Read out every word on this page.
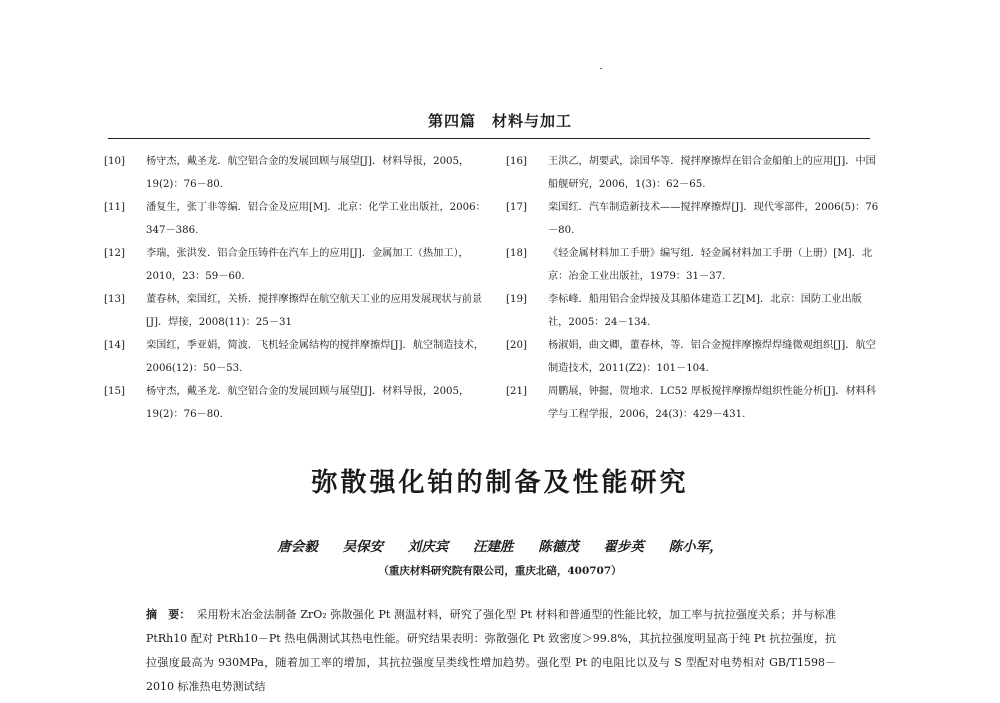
第四篇　材料与加工
[10]	杨守杰，戴圣龙．航空铝合金的发展回顾与展望[J]．材料导报，2005，19(2)：76－80.
[11]	潘复生，张丁非等编．铝合金及应用[M]．北京：化学工业出版社，2006：347－386.
[12]	李瑞，张洪发．铝合金压铸件在汽车上的应用[J]．金属加工（热加工），2010，23：59－60.
[13]	董春林，栾国红，关桥．搅拌摩擦焊在航空航天工业的应用发展现状与前景[J]．焊接，2008(11)：25－31
[14]	栾国红，季亚娟，简波．飞机轻金属结构的搅拌摩擦焊[J]．航空制造技术，2006(12)：50－53.
[15]	杨守杰，戴圣龙．航空铝合金的发展回顾与展望[J]．材料导报，2005，19(2)：76－80.
[16]	王洪乙，胡要武，涂国华等．搅拌摩擦焊在铝合金船舶上的应用[J]．中国船舰研究，2006，1(3)：62－65.
[17]	栾国红．汽车制造新技术——搅拌摩擦焊[J]．现代零部件，2006(5)：76－80.
[18]	《轻金属材料加工手册》编写组．轻金属材料加工手册（上册）[M]．北京：冶金工业出版社，1979：31－37.
[19]	李标峰．船用铝合金焊接及其船体建造工艺[M]．北京：国防工业出版社，2005：24－134.
[20]	杨淑娟，曲文卿，董春林，等．铝合金搅拌摩擦焊焊缝微观组织[J]．航空制造技术，2011(Z2)：101－104.
[21]	周鹏展，钟掘，贺地求．LC52 厚板搅拌摩擦焊组织性能分析[J]．材料科学与工程学报，2006，24(3)：429－431.
弥散强化铂的制备及性能研究
唐会毅 吴保安 刘庆宾 汪建胜 陈德茂 翟步英 陈小军，
（重庆材料研究院有限公司，重庆北碚，400707）
摘　要： 采用粉末冶金法制备 ZrO₂ 弥散强化 Pt 测温材料，研究了强化型 Pt 材料和普通型的性能比较，加工率与抗拉强度关系；并与标准 PtRh10 配对 PtRh10－Pt 热电偶测试其热电性能。研究结果表明：弥散强化 Pt 致密度＞99.8%，其抗拉强度明显高于纯 Pt 抗拉强度，抗拉强度最高为 930MPa，随着加工率的增加，其抗拉强度呈类线性增加趋势。强化型 Pt 的电阻比以及与 S 型配对电势相对 GB/T1598－2010 标准热电势测试结
